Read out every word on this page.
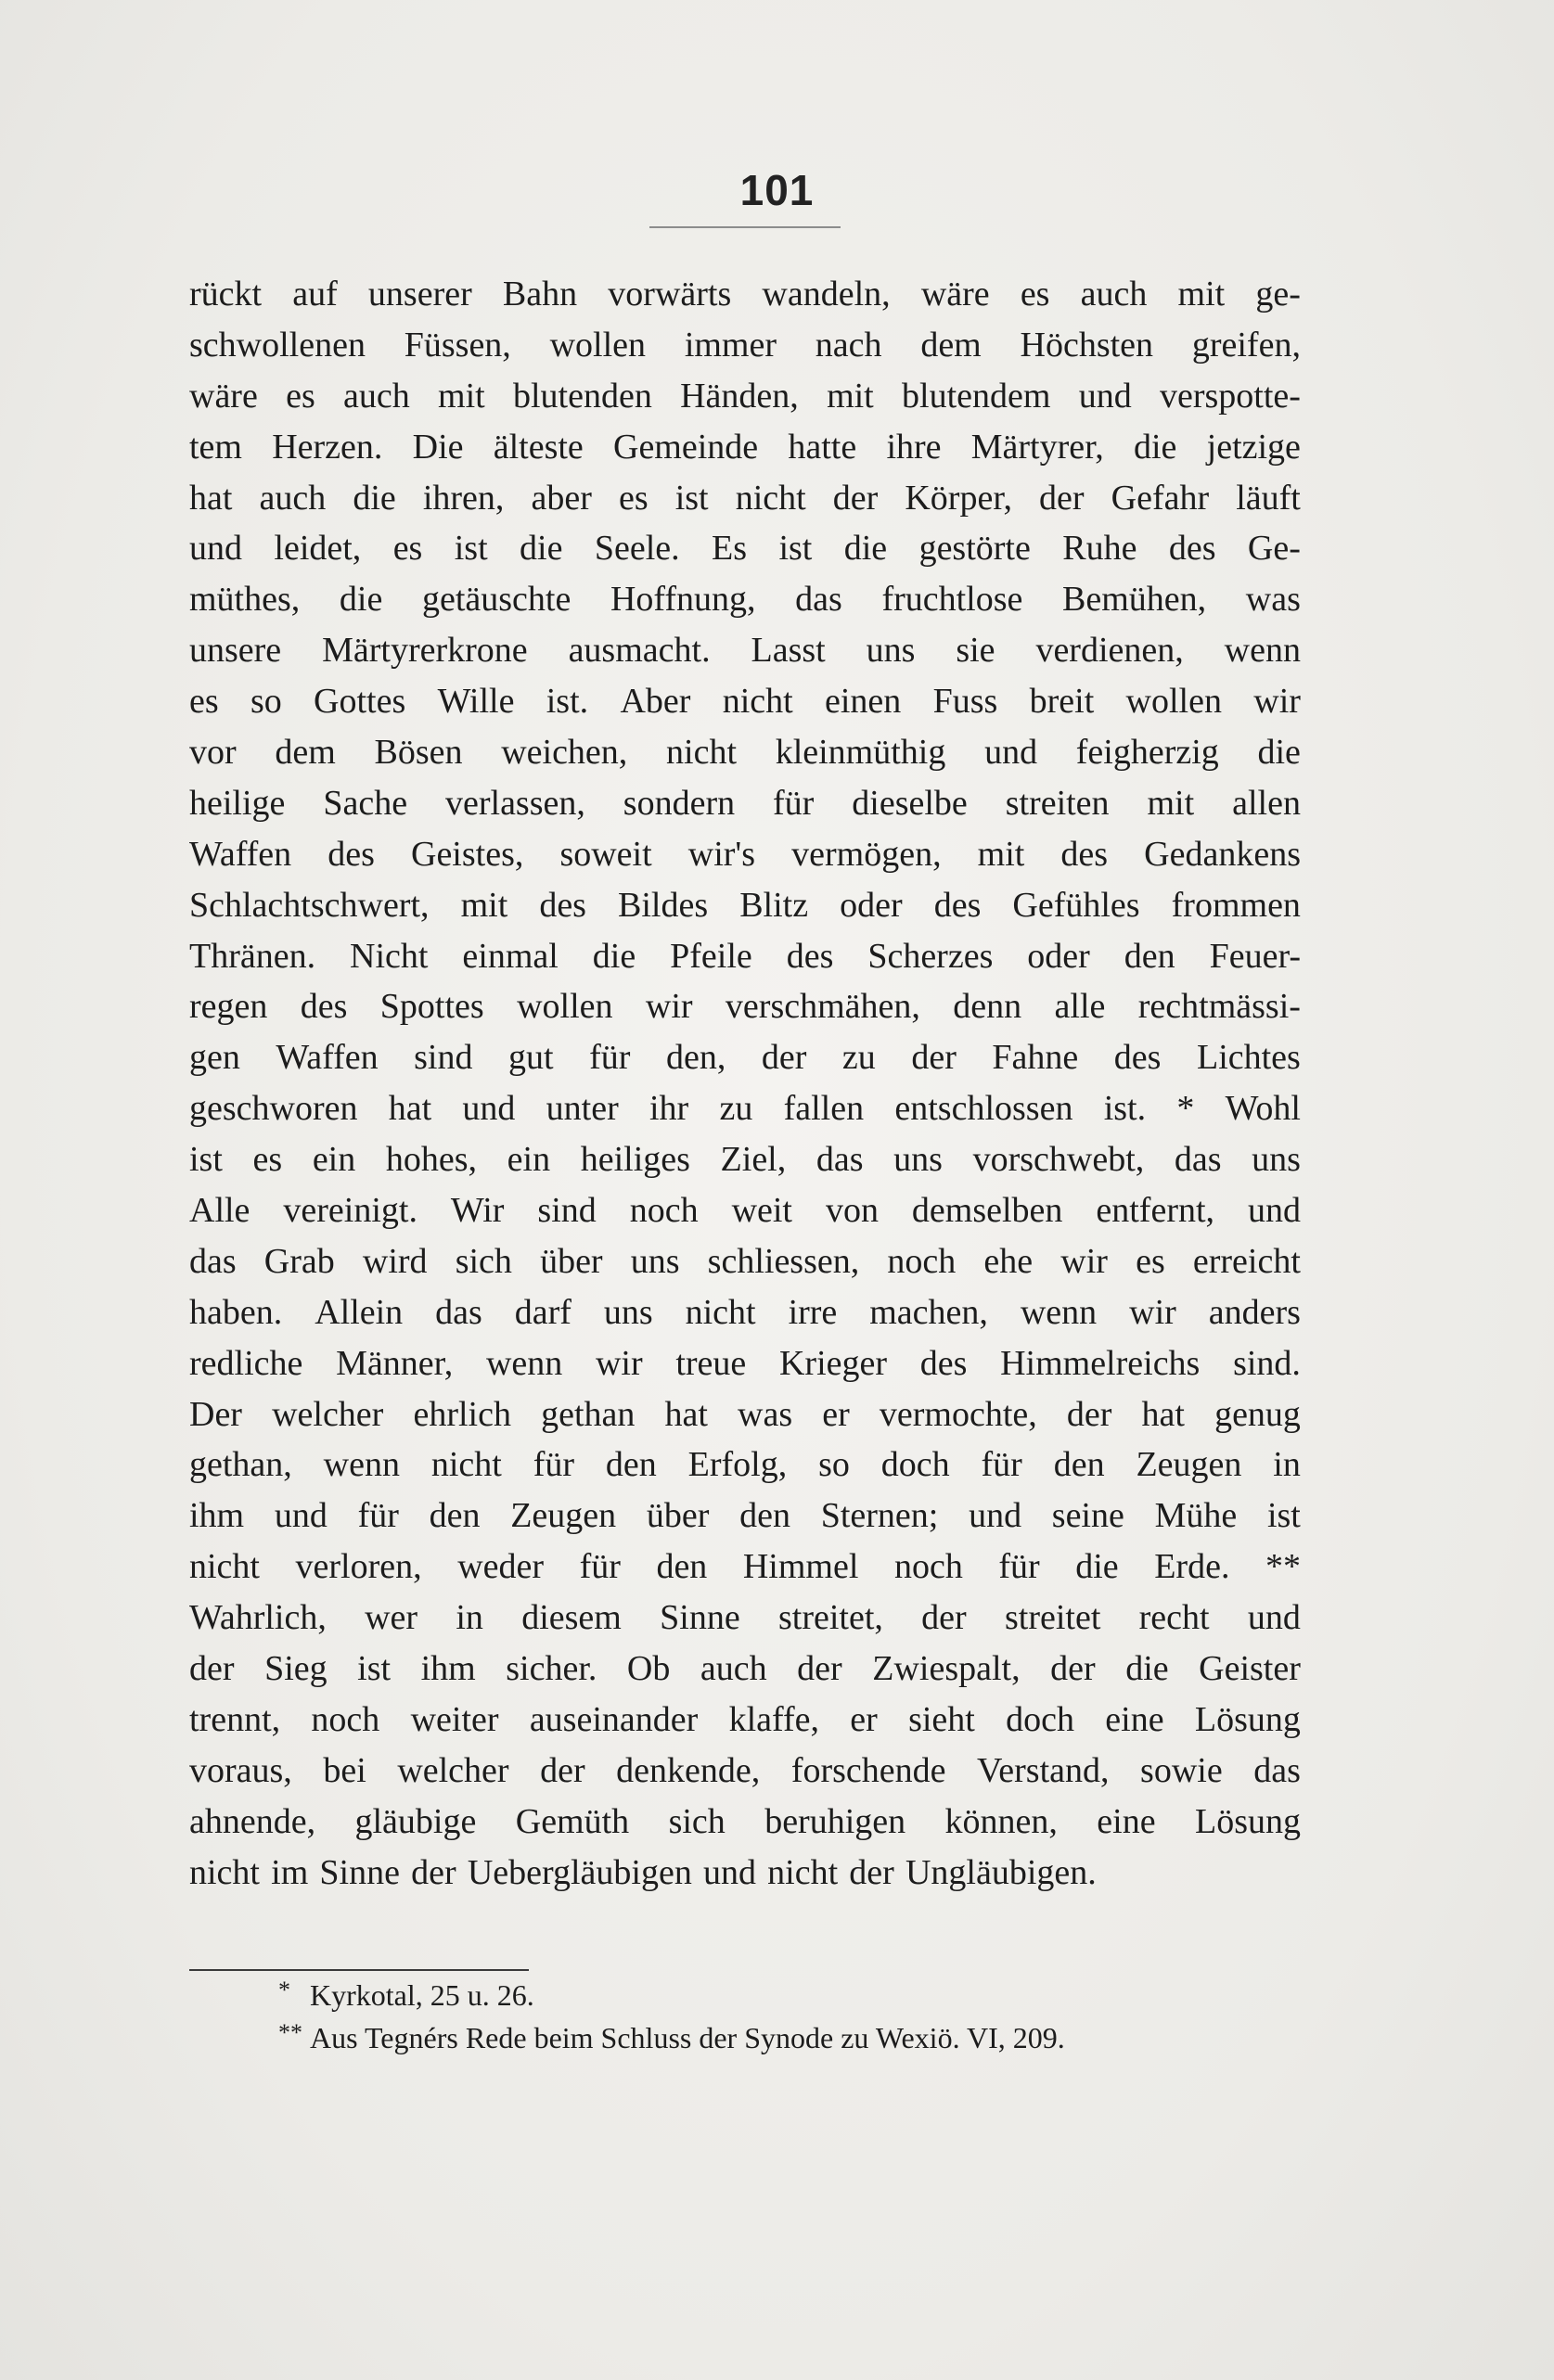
101
rückt auf unserer Bahn vorwärts wandeln, wäre es auch mit ge-
schwollenen Füssen, wollen immer nach dem Höchsten greifen,
wäre es auch mit blutenden Händen, mit blutendem und verspotte-
tem Herzen. Die älteste Gemeinde hatte ihre Märtyrer, die jetzige
hat auch die ihren, aber es ist nicht der Körper, der Gefahr läuft
und leidet, es ist die Seele. Es ist die gestörte Ruhe des Ge-
müthes, die getäuschte Hoffnung, das fruchtlose Bemühen, was
unsere Märtyrerkrone ausmacht. Lasst uns sie verdienen, wenn
es so Gottes Wille ist. Aber nicht einen Fuss breit wollen wir
vor dem Bösen weichen, nicht kleinmüthig und feigherzig die
heilige Sache verlassen, sondern für dieselbe streiten mit allen
Waffen des Geistes, soweit wir's vermögen, mit des Gedankens
Schlachtschwert, mit des Bildes Blitz oder des Gefühles frommen
Thränen. Nicht einmal die Pfeile des Scherzes oder den Feuer-
regen des Spottes wollen wir verschmähen, denn alle rechtmässi-
gen Waffen sind gut für den, der zu der Fahne des Lichtes
geschworen hat und unter ihr zu fallen entschlossen ist. * Wohl
ist es ein hohes, ein heiliges Ziel, das uns vorschwebt, das uns
Alle vereinigt. Wir sind noch weit von demselben entfernt, und
das Grab wird sich über uns schliessen, noch ehe wir es erreicht
haben. Allein das darf uns nicht irre machen, wenn wir anders
redliche Männer, wenn wir treue Krieger des Himmelreichs sind.
Der welcher ehrlich gethan hat was er vermochte, der hat genug
gethan, wenn nicht für den Erfolg, so doch für den Zeugen in
ihm und für den Zeugen über den Sternen; und seine Mühe ist
nicht verloren, weder für den Himmel noch für die Erde. **
Wahrlich, wer in diesem Sinne streitet, der streitet recht und
der Sieg ist ihm sicher. Ob auch der Zwiespalt, der die Geister
trennt, noch weiter auseinander klaffe, er sieht doch eine Lösung
voraus, bei welcher der denkende, forschende Verstand, sowie das
ahnende, gläubige Gemüth sich beruhigen können, eine Lösung
nicht im Sinne der Uebergläubigen und nicht der Ungläubigen.
* Kyrkotal, 25 u. 26.
** Aus Tegnérs Rede beim Schluss der Synode zu Wexiö. VI, 209.
